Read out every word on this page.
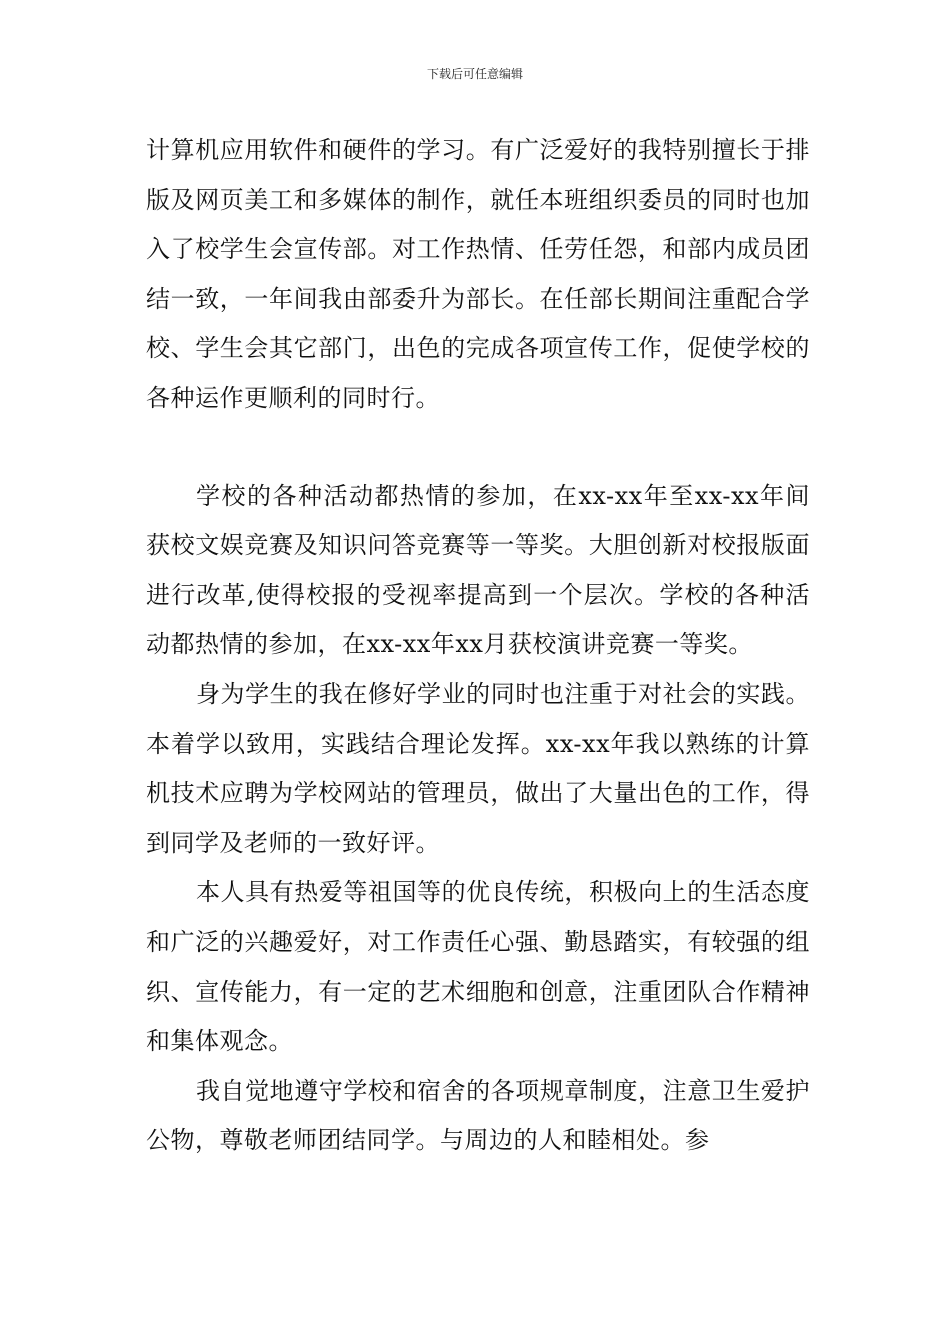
下载后可任意编辑

计算机应用软件和硬件的学习。有广泛爱好的我特别擅长于排版及网页美工和多媒体的制作，就任本班组织委员的同时也加入了校学生会宣传部。对工作热情、任劳任怨，和部内成员团结一致，一年间我由部委升为部长。在任部长期间注重配合学校、学生会其它部门，出色的完成各项宣传工作，促使学校的各种运作更顺利的同时行。

学校的各种活动都热情的参加，在xx-xx年至xx-xx年间获校文娱竞赛及知识问答竞赛等一等奖。大胆创新对校报版面进行改革,使得校报的受视率提高到一个层次。学校的各种活动都热情的参加，在xx-xx年xx月获校演讲竞赛一等奖。

身为学生的我在修好学业的同时也注重于对社会的实践。本着学以致用，实践结合理论发挥。xx-xx年我以熟练的计算机技术应聘为学校网站的管理员，做出了大量出色的工作，得到同学及老师的一致好评。

本人具有热爱等祖国等的优良传统，积极向上的生活态度和广泛的兴趣爱好，对工作责任心强、勤恳踏实，有较强的组织、宣传能力，有一定的艺术细胞和创意，注重团队合作精神和集体观念。

我自觉地遵守学校和宿舍的各项规章制度，注意卫生爱护公物，尊敬老师团结同学。与周边的人和睦相处。参
